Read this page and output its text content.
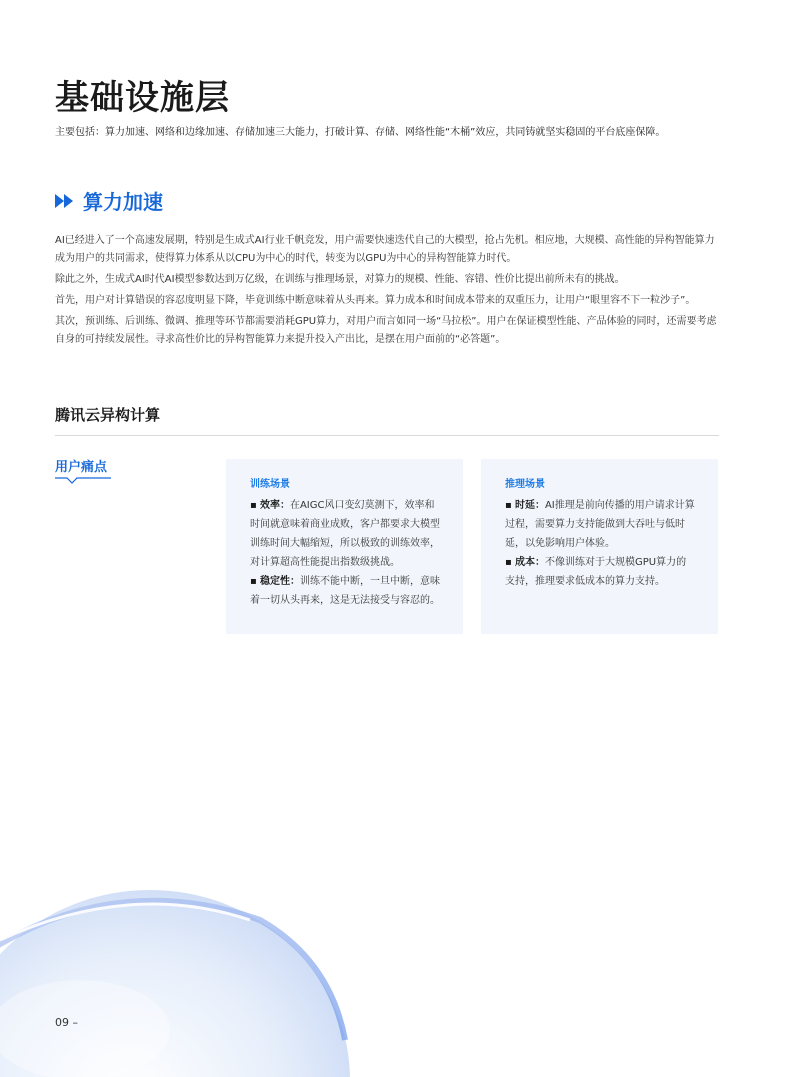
基础设施层

主要包括：算力加速、网络和边缘加速、存储加速三大能力，打破计算、存储、网络性能“木桶”效应，共同铸就坚实稳固的平台底座保障。

算力加速

AI已经进入了一个高速发展期，特别是生成式AI行业千帆竞发，用户需要快速迭代自己的大模型，抢占先机。相应地，大规模、高性能的异构智能算力成为用户的共同需求，使得算力体系从以CPU为中心的时代，转变为以GPU为中心的异构智能算力时代。

除此之外，生成式AI时代AI模型参数达到万亿级，在训练与推理场景，对算力的规模、性能、容错、性价比提出前所未有的挑战。

首先，用户对计算错误的容忍度明显下降，毕竟训练中断意味着从头再来。算力成本和时间成本带来的双重压力，让用户“眼里容不下一粒沙子”。

其次，预训练、后训练、微调、推理等环节都需要消耗GPU算力，对用户而言如同一场“马拉松”。用户在保证模型性能、产品体验的同时，还需要考虑自身的可持续发展性。寻求高性价比的异构智能算力来提升投入产出比，是摆在用户面前的“必答题”。

腾讯云异构计算
用户痛点
训练场景

▪ 效率：在AIGC风口变幻莫测下，效率和时间就意味着商业成败，客户都要求大模型训练时间大幅缩短，所以极致的训练效率，对计算超高性能提出指数级挑战。

▪ 稳定性：训练不能中断，一旦中断，意味着一切从头再来，这是无法接受与容忍的。

推理场景

▪ 时延：AI推理是前向传播的用户请求计算过程，需要算力支持能做到大吞吐与低时延，以免影响用户体验。

▪ 成本：不像训练对于大规模GPU算力的支持，推理要求低成本的算力支持。

09 –
